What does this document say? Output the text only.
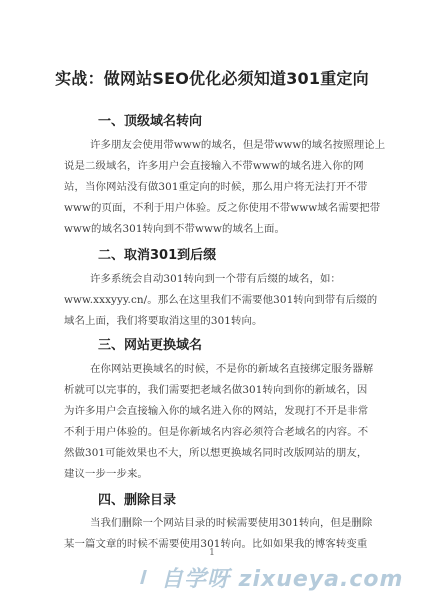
实战：做网站SEO优化必须知道301重定向
一、顶级域名转向
许多朋友会使用带www的域名，但是带www的域名按照理论上
说是二级域名，许多用户会直接输入不带www的域名进入你的网
站，当你网站没有做301重定向的时候，那么用户将无法打开不带
www的页面，不利于用户体验。反之你使用不带www域名需要把带
www的域名301转向到不带www的域名上面。
二、取消301到后缀
许多系统会自动301转向到一个带有后缀的域名，如：
www.xxxyyy.cn/。那么在这里我们不需要他301转向到带有后缀的
域名上面，我们将要取消这里的301转向。
三、网站更换域名
在你网站更换域名的时候，不是你的新域名直接绑定服务器解
析就可以完事的，我们需要把老域名做301转向到你的新域名，因
为许多用户会直接输入你的域名进入你的网站，发现打不开是非常
不利于用户体验的。但是你新域名内容必须符合老域名的内容。不
然做301可能效果也不大，所以想更换域名同时改版网站的朋友，
建议一步一步来。
四、删除目录
当我们删除一个网站目录的时候需要使用301转向，但是删除
某一篇文章的时候不需要使用301转向。比如如果我的博客转变重
1
自学呀 zixueya.com
